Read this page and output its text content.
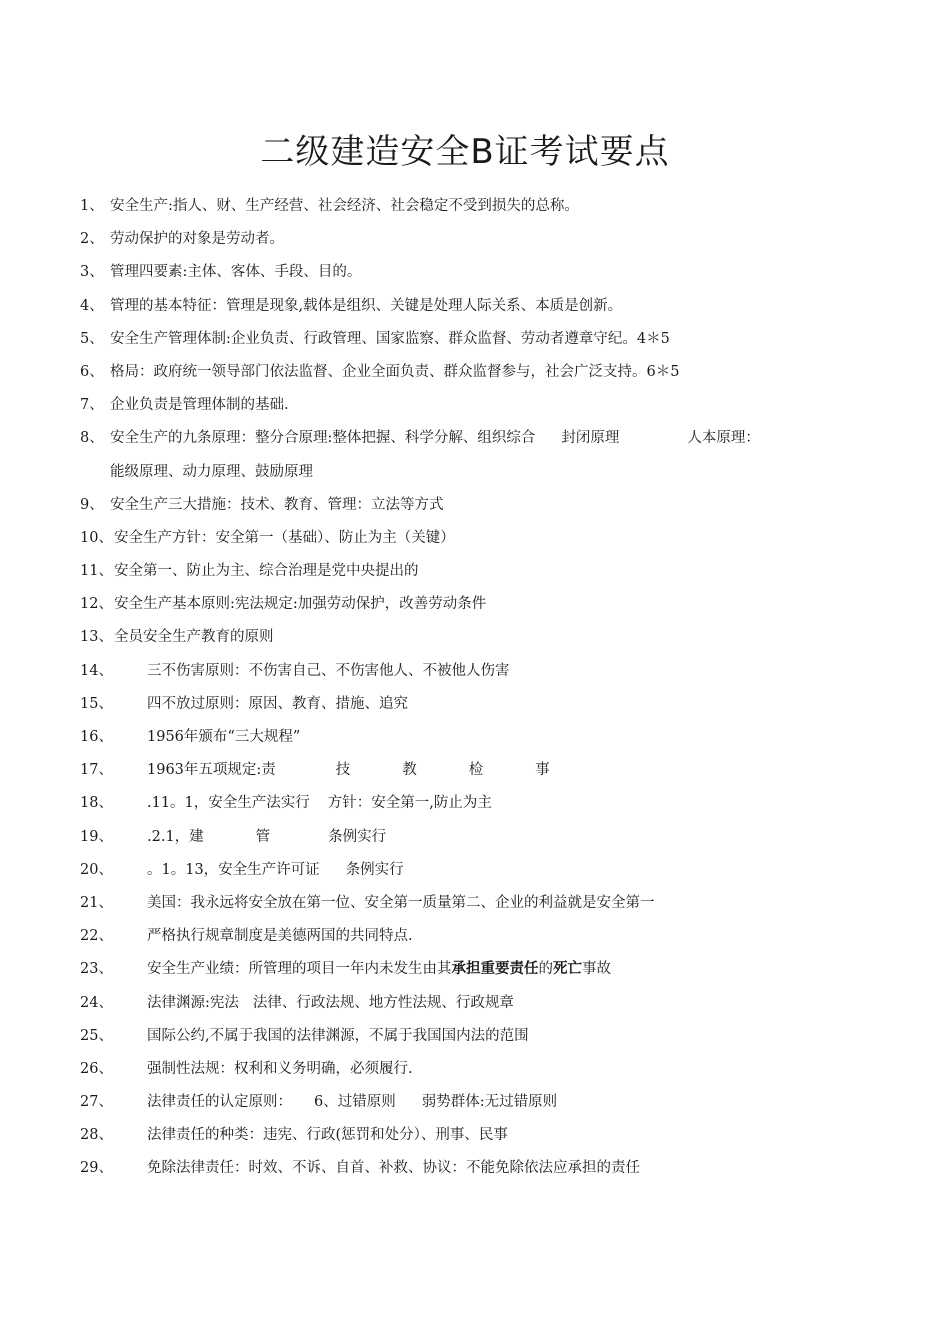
二级建造安全B证考试要点
1、 安全生产:指人、财、生产经营、社会经济、社会稳定不受到损失的总称。
2、 劳动保护的对象是劳动者。
3、 管理四要素:主体、客体、手段、目的。
4、 管理的基本特征：管理是现象,载体是组织、关键是处理人际关系、本质是创新。
5、 安全生产管理体制:企业负责、行政管理、国家监察、群众监督、劳动者遵章守纪。4＊5
6、 格局：政府统一领导部门依法监督、企业全面负责、群众监督参与，社会广泛支持。6＊5
7、 企业负责是管理体制的基础.
8、 安全生产的九条原理：整分合原理:整体把握、科学分解、组织综合 封闭原理	人本原理：
能级原理、动力原理、鼓励原理
9、 安全生产三大措施：技术、教育、管理：立法等方式
10、 安全生产方针：安全第一（基础）、防止为主（关键）
11、 安全第一、防止为主、综合治理是党中央提出的
12、 安全生产基本原则:宪法规定:加强劳动保护，改善劳动条件
13、 全员安全生产教育的原则
14、 三不伤害原则：不伤害自己、不伤害他人、不被他人伤害
15、 四不放过原则：原因、教育、措施、追究
16、 1956年颁布“三大规程”
17、 1963年五项规定:责	技	教	检	事
18、 .11。1，安全生产法实行 方针：安全第一,防止为主
19、 .2.1，建	管	条例实行
20、 。1。13，安全生产许可证 条例实行
21、 美国：我永远将安全放在第一位、安全第一质量第二、企业的利益就是安全第一
22、 严格执行规章制度是美德两国的共同特点.
23、 安全生产业绩：所管理的项目一年内未发生由其承担重要责任的死亡事故
24、 法律渊源:宪法 法律、行政法规、地方性法规、行政规章
25、 国际公约,不属于我国的法律渊源，不属于我国国内法的范围
26、 强制性法规：权利和义务明确，必须履行.
27、 法律责任的认定原则： 6、过错原则 弱势群体:无过错原则
28、 法律责任的种类：违宪、行政(惩罚和处分）、刑事、民事
29、 免除法律责任：时效、不诉、自首、补救、协议：不能免除依法应承担的责任
